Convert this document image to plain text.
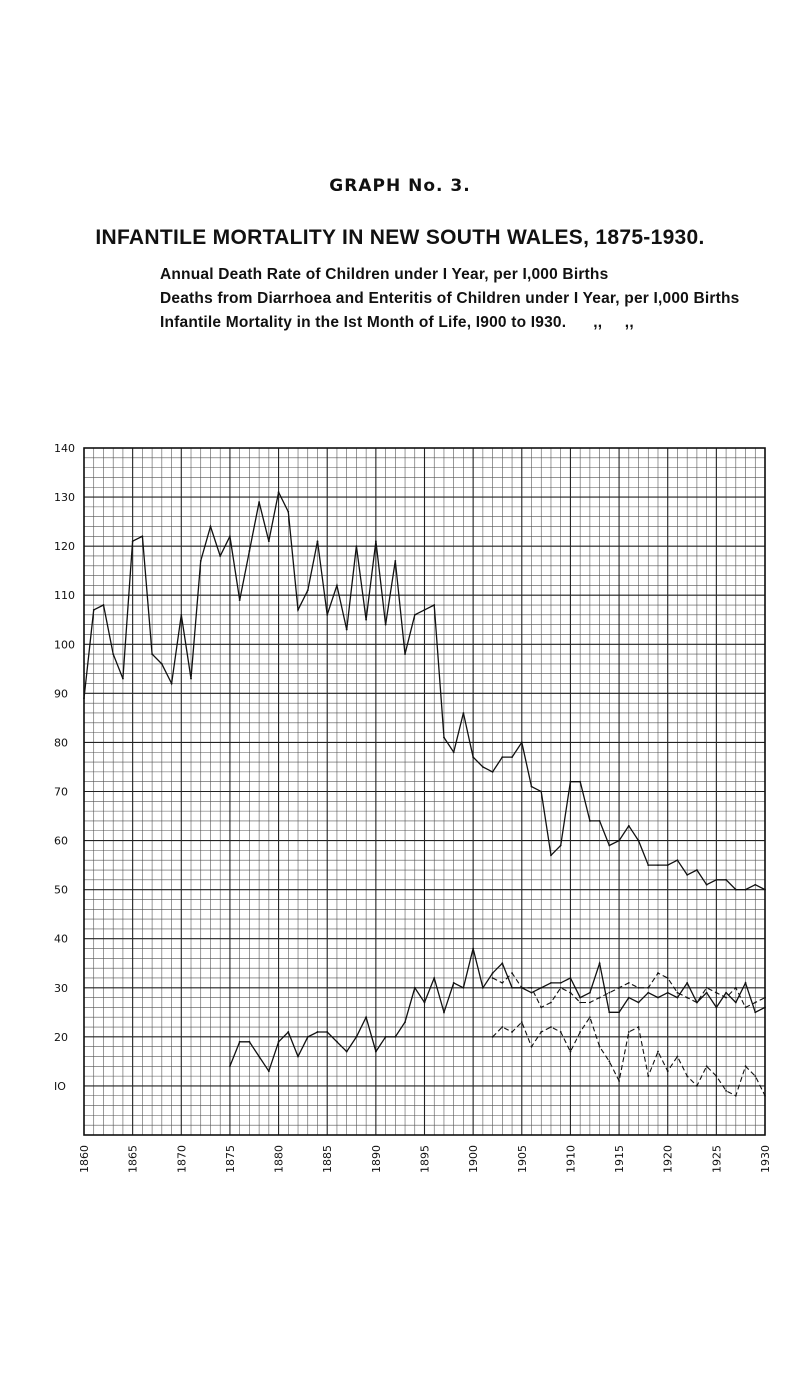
GRAPH No. 3.
INFANTILE MORTALITY IN NEW SOUTH WALES, 1875-1930.
Annual Death Rate of Children under I Year, per I,000 Births
Deaths from Diarrhoea and Enteritis of Children under I Year, per I,000 Births
Infantile Mortality in the Ist Month of Life, I900 to I930.      ,,     ,,
IO
20
30
40
50
60
70
80
90
100
110
120
130
140
1860	1865	1870	1875	1880	1885	1890	1895	1900	1905	1910	1915	1920	1925	1930
